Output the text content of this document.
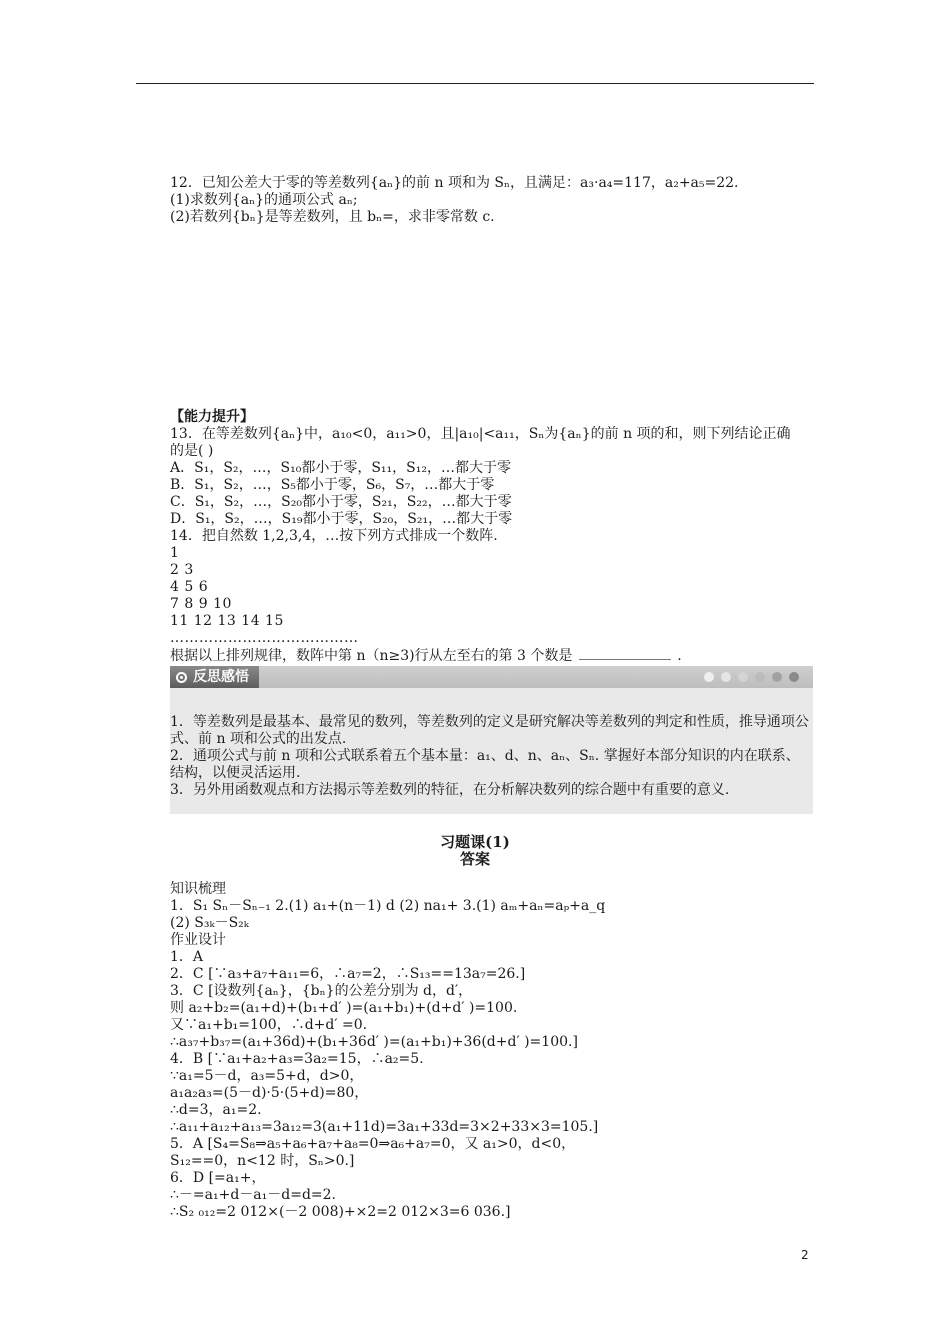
12．已知公差大于零的等差数列{aₙ}的前 n 项和为 Sₙ，且满足：a₃·a₄=117，a₂+a₅=22.
(1)求数列{aₙ}的通项公式 aₙ;
(2)若数列{bₙ}是等差数列，且 bₙ=，求非零常数 c.
【能力提升】
13．在等差数列{aₙ}中，a₁₀<0，a₁₁>0，且|a₁₀|<a₁₁，Sₙ为{aₙ}的前 n 项的和，则下列结论正确
的是( )
A．S₁，S₂，…，S₁₀都小于零，S₁₁，S₁₂，…都大于零
B．S₁，S₂，…，S₅都小于零，S₆，S₇，…都大于零
C．S₁，S₂，…，S₂₀都小于零，S₂₁，S₂₂，…都大于零
D．S₁，S₂，…，S₁₉都小于零，S₂₀，S₂₁，…都大于零
14．把自然数 1,2,3,4，…按下列方式排成一个数阵.
1
2 3
4 5 6
7 8 9 10
11 12 13 14 15
…………………………………
根据以上排列规律，数阵中第 n（n≥3)行从左至右的第 3 个数是	.
反思感悟
1．等差数列是最基本、最常见的数列，等差数列的定义是研究解决等差数列的判定和性质，推导通项公式、前 n 项和公式的出发点.
2．通项公式与前 n 项和公式联系着五个基本量：a₁、d、n、aₙ、Sₙ. 掌握好本部分知识的内在联系、结构，以便灵活运用.
3．另外用函数观点和方法揭示等差数列的特征，在分析解决数列的综合题中有重要的意义.
习题课(1)
答案
知识梳理
1．S₁ Sₙ－Sₙ₋₁ 2.(1) a₁+(n－1) d (2) na₁+ 3.(1) aₘ+aₙ=aₚ+a_q
(2) S₃ₖ－S₂ₖ
作业设计
1．A
2．C [∵a₃+a₇+a₁₁=6，∴a₇=2，∴S₁₃==13a₇=26.]
3．C [设数列{aₙ}，{bₙ}的公差分别为 d，d′，
则 a₂+b₂=(a₁+d)+(b₁+d′ )=(a₁+b₁)+(d+d′ )=100.
又∵a₁+b₁=100，∴d+d′ =0.
∴a₃₇+b₃₇=(a₁+36d)+(b₁+36d′ )=(a₁+b₁)+36(d+d′ )=100.]
4．B [∵a₁+a₂+a₃=3a₂=15，∴a₂=5.
∵a₁=5－d，a₃=5+d，d>0，
a₁a₂a₃=(5－d)·5·(5+d)=80，
∴d=3，a₁=2.
∴a₁₁+a₁₂+a₁₃=3a₁₂=3(a₁+11d)=3a₁+33d=3×2+33×3=105.]
5．A [S₄=S₈⇒a₅+a₆+a₇+a₈=0⇒a₆+a₇=0，又 a₁>0，d<0，
S₁₂==0，n<12 时，Sₙ>0.]
6．D [=a₁+，
∴－=a₁+d－a₁－d=d=2.
∴S₂ ₀₁₂=2 012×(－2 008)+×2=2 012×3=6 036.]
2
